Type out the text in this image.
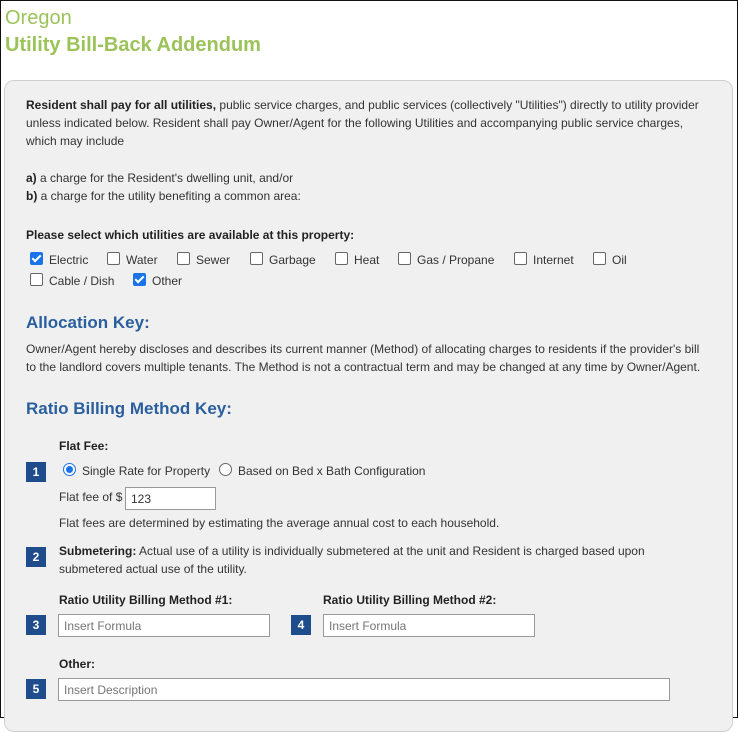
Oregon
Utility Bill-Back Addendum
Resident shall pay for all utilities, public service charges, and public services (collectively "Utilities") directly to utility provider
unless indicated below. Resident shall pay Owner/Agent for the following Utilities and accompanying public service charges,
which may include
a) a charge for the Resident's dwelling unit, and/or
b) a charge for the utility benefiting a common area:
Please select which utilities are available at this property:
Electric	Water	Sewer	Garbage	Heat	Gas / Propane	Internet	Oil
Cable / Dish	Other
Allocation Key:
Owner/Agent hereby discloses and describes its current manner (Method) of allocating charges to residents if the provider's bill
to the landlord covers multiple tenants. The Method is not a contractual term and may be changed at any time by Owner/Agent.
Ratio Billing Method Key:
Flat Fee:
1	Single Rate for Property	Based on Bed x Bath Configuration
Flat fee of $
123
Flat fees are determined by estimating the average annual cost to each household.
2	Submetering: Actual use of a utility is individually submetered at the unit and Resident is charged based upon
submetered actual use of the utility.
Ratio Utility Billing Method #1:
3
Insert Formula
Ratio Utility Billing Method #2:
4
Insert Formula
Other:
5
Insert Description
